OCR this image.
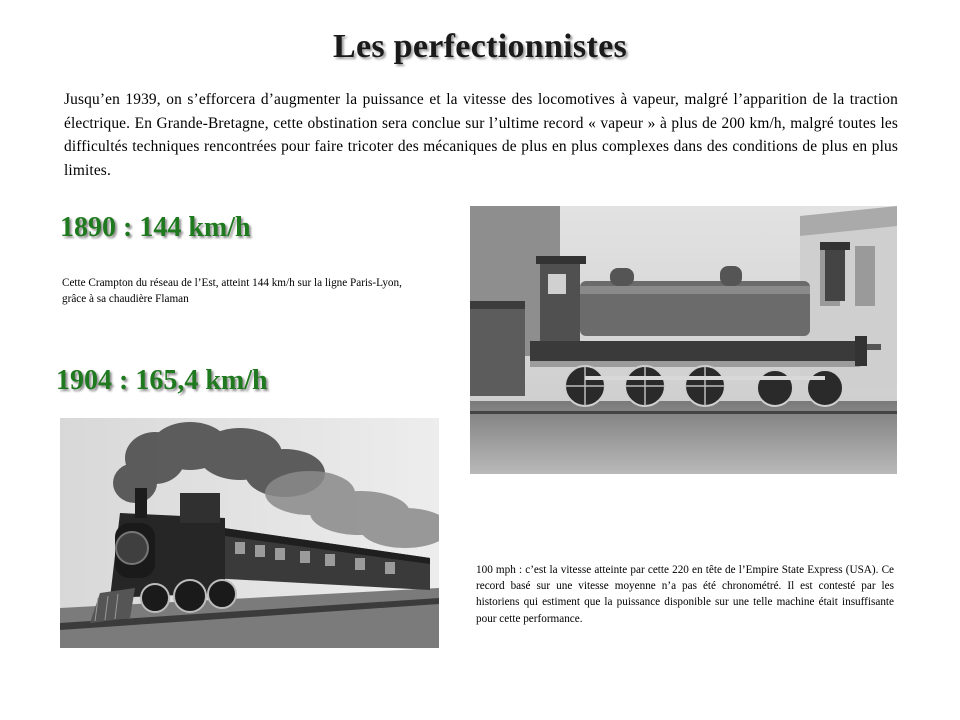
Les perfectionnistes
Jusqu’en 1939, on s’efforcera d’augmenter la puissance et la vitesse des locomotives à vapeur, malgré l’apparition de la traction électrique. En Grande-Bretagne, cette obstination sera conclue sur l’ultime record « vapeur » à plus de 200 km/h, malgré toutes les difficultés techniques rencontrées pour faire tricoter des mécaniques de plus en plus complexes dans des conditions de plus en plus limites.
1890 : 144 km/h
Cette Crampton du réseau de l’Est, atteint 144 km/h sur la ligne Paris-Lyon, grâce à sa chaudière Flaman
1904 : 165,4 km/h
100 mph : c’est la vitesse atteinte par cette 220 en tête de l’Empire State Express (USA). Ce record basé sur une vitesse moyenne n’a pas été chronométré. Il est contesté par les historiens qui estiment que la puissance disponible sur une telle machine était insuffisante pour cette performance.
